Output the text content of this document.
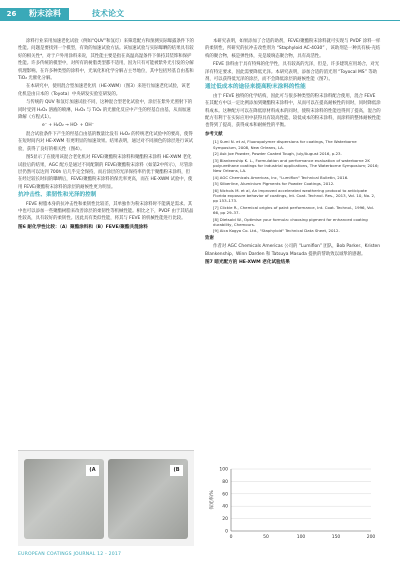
26	粉末涂料	技术论文

涂料行业采用加速老化试验（例如“QUV”和氙灯）来筛选配方和预测实际曝露条件下的性能。问题是要找到一个模型，有效的加速试验方法。该加速试验与实际曝晒的结果具有较好的相关性*，对于户外用涂料来说，其性能主要是指在高温高湿条件下保持其装饰和保护性能。许多传统的模型中，对所有的树脂类型都不适用，因为只有可能被紫外光引发的分解机理影响。在许多种类型的涂料中，光氧化和化学分解占主导地位，其中包括羟基自由基和 TiO₂ 光催化分解。

在本研究中，使用混合型加速老化机（HE-XWM）（图3）来进行加速老化试验，该老化机是由日本的（Toyota）中央研发实验室研发的。

与传统的 QUV 和氙灯加速试验不同，这种混合型老化试验中，涂层在紫外光照射下的同时受到 H₂O₂ 溶液的喷淋，H₂O₂ 与 TiO₂ 的光催化反应中产生的羟基自由基，从而加速降解（方程式1）。

e⁻ + H₂O₂ → HO· + OH⁻

混合试验条件下产生的羟基自由基的数量比没有 H₂O₂ 的传统老化试验中的要高，使得在短时间内对 HE-XWM 有更明显的加速效果。结果表明，通过对不同颜色的涂层进行该试验，获得了良好的相关性（图4）。

图5显示了在使用该混合老化机对 FEVE/聚酯粉末涂料和聚酯粉末涂料 HE-XWM 老化试验后的结果，AGC 配方是通过不同配制的 FEVE/聚酯粉末涂料（如第2中所示），尽管涂层仍然可以达到 700h 后几乎完全保持，而后涂层的光泽保持率仍优于聚酯粉末涂料，但在经过较长时间的曝晒后，FEVE/聚酯粉末涂料的保光率更高，而在 HE-XWM 试验中，使用 FEVE/聚酯粉末涂料的涂层的耐候性更为明显。

抗冲击性、柔韧性和光泽的控制

FEVE 树脂本身的抗冲击性和柔韧性比较差，其单独作为粉末涂料时不能满足需求。其中也可以添加一些聚酯树脂来改善涂层的柔韧性等机械性能。相比之下，PVDF 由于其结晶性较高，具有较好的柔韧性。因此具有类似性能，将其与 FEVE 的机械性能进行比较。

图6 耐化学性比较：（A）聚酯涂料和（B）FEVE/聚酯共混涂料

(A	(B

本研究表明，如果添加了合适的助剂，FEVE/聚酯粉末涂料就可实现与 PVDF 涂料一样的柔韧性，所研究的抗冲击改性剂为 “Staphyloid AC-4030” ，该助剂是一种具有核-壳结构的聚合物，核是弹性体，壳是玻璃态聚合物，具有高活性。

FEVE 涂料由于具有特殊的化学性，具有较高的光泽，但是，许多建筑应用场合，对光泽有特定要求，因此需要降低光泽。本研究表明，添加合适的消光剂 “Toyocal MS” 等助剂，可以获得低光泽的涂层，而不会降低涂层的耐候性能（图7）。

通过低成本的途径来提高粉末涂料的性能

由于 FEVE 独特的化学结构，因此可与很多种类型的粉末涂料配合使用，混合 FEVE 在其配方中以一定比例添加到聚酯粉末涂料中，从而可以在提高耐候性的同时，同时降低涂料成本。这种配方可以在降低原材料成本的同时，使粉末涂料的性能也得到了提高，混合的配方有利于在实际应用中获得具有较高性能、较低成本的粉末涂料，而涂料的整体耐候性能也得到了提高，获得成本和耐候性的平衡。

参考文献

[1] Sumi N. et al, Fluoropolymer dispersions for coatings, The Waterborne Symposium, 2008, New Orleans, LA.

[2] Ask Joe Powder, Powder Coated Tough, July/August 2016, p.23.

[3] Blankenship K. L., Formulation and performance evaluation of waterborne 2K polyurethane coatings for industrial applications, The Waterborne Symposium; 2016; New Orleans, LA.

[4] AGC Chemicals Americas, Inc, "Lumiflon" Technical Bulletin, 2016.

[5] Silberline, Aluminium Pigments for Powder Coatings, 2012.

[6] Nichols M. et al, An improved accelerated weathering protocol to anticipate Florida exposure behavior of coatings, Int. Coat. Technol. Res., 2013, Vol. 10, No. 2, pp 153–173.

[7] Clickie R., Chemical origins of paint performance, Int. Coat. Technol., 1996, Vol. 66, pp 29–37.

[8] Dietsold W., Optimise your formula: choosing pigment for enhanced coating durability, Chemours.

[9] Aica Kogyo Co. Ltd., "Staphyloid" Technical Data Sheet, 2012.

致谢

作者对 AGC Chemicals Americas 公司的 “Lumiflon” 团队，Bob Parker、Kristen Blankenship、Winn Darden 和 Tatsuya Masuda 提供的帮助致以诚挚的感谢。

图7 暗光配方的 HE-XWM 老化试验结果

0
20
40
60
80
100
0	50	100	150	200
保光率/%
EUROPEAN COATINGS JOURNAL 12 - 2017
